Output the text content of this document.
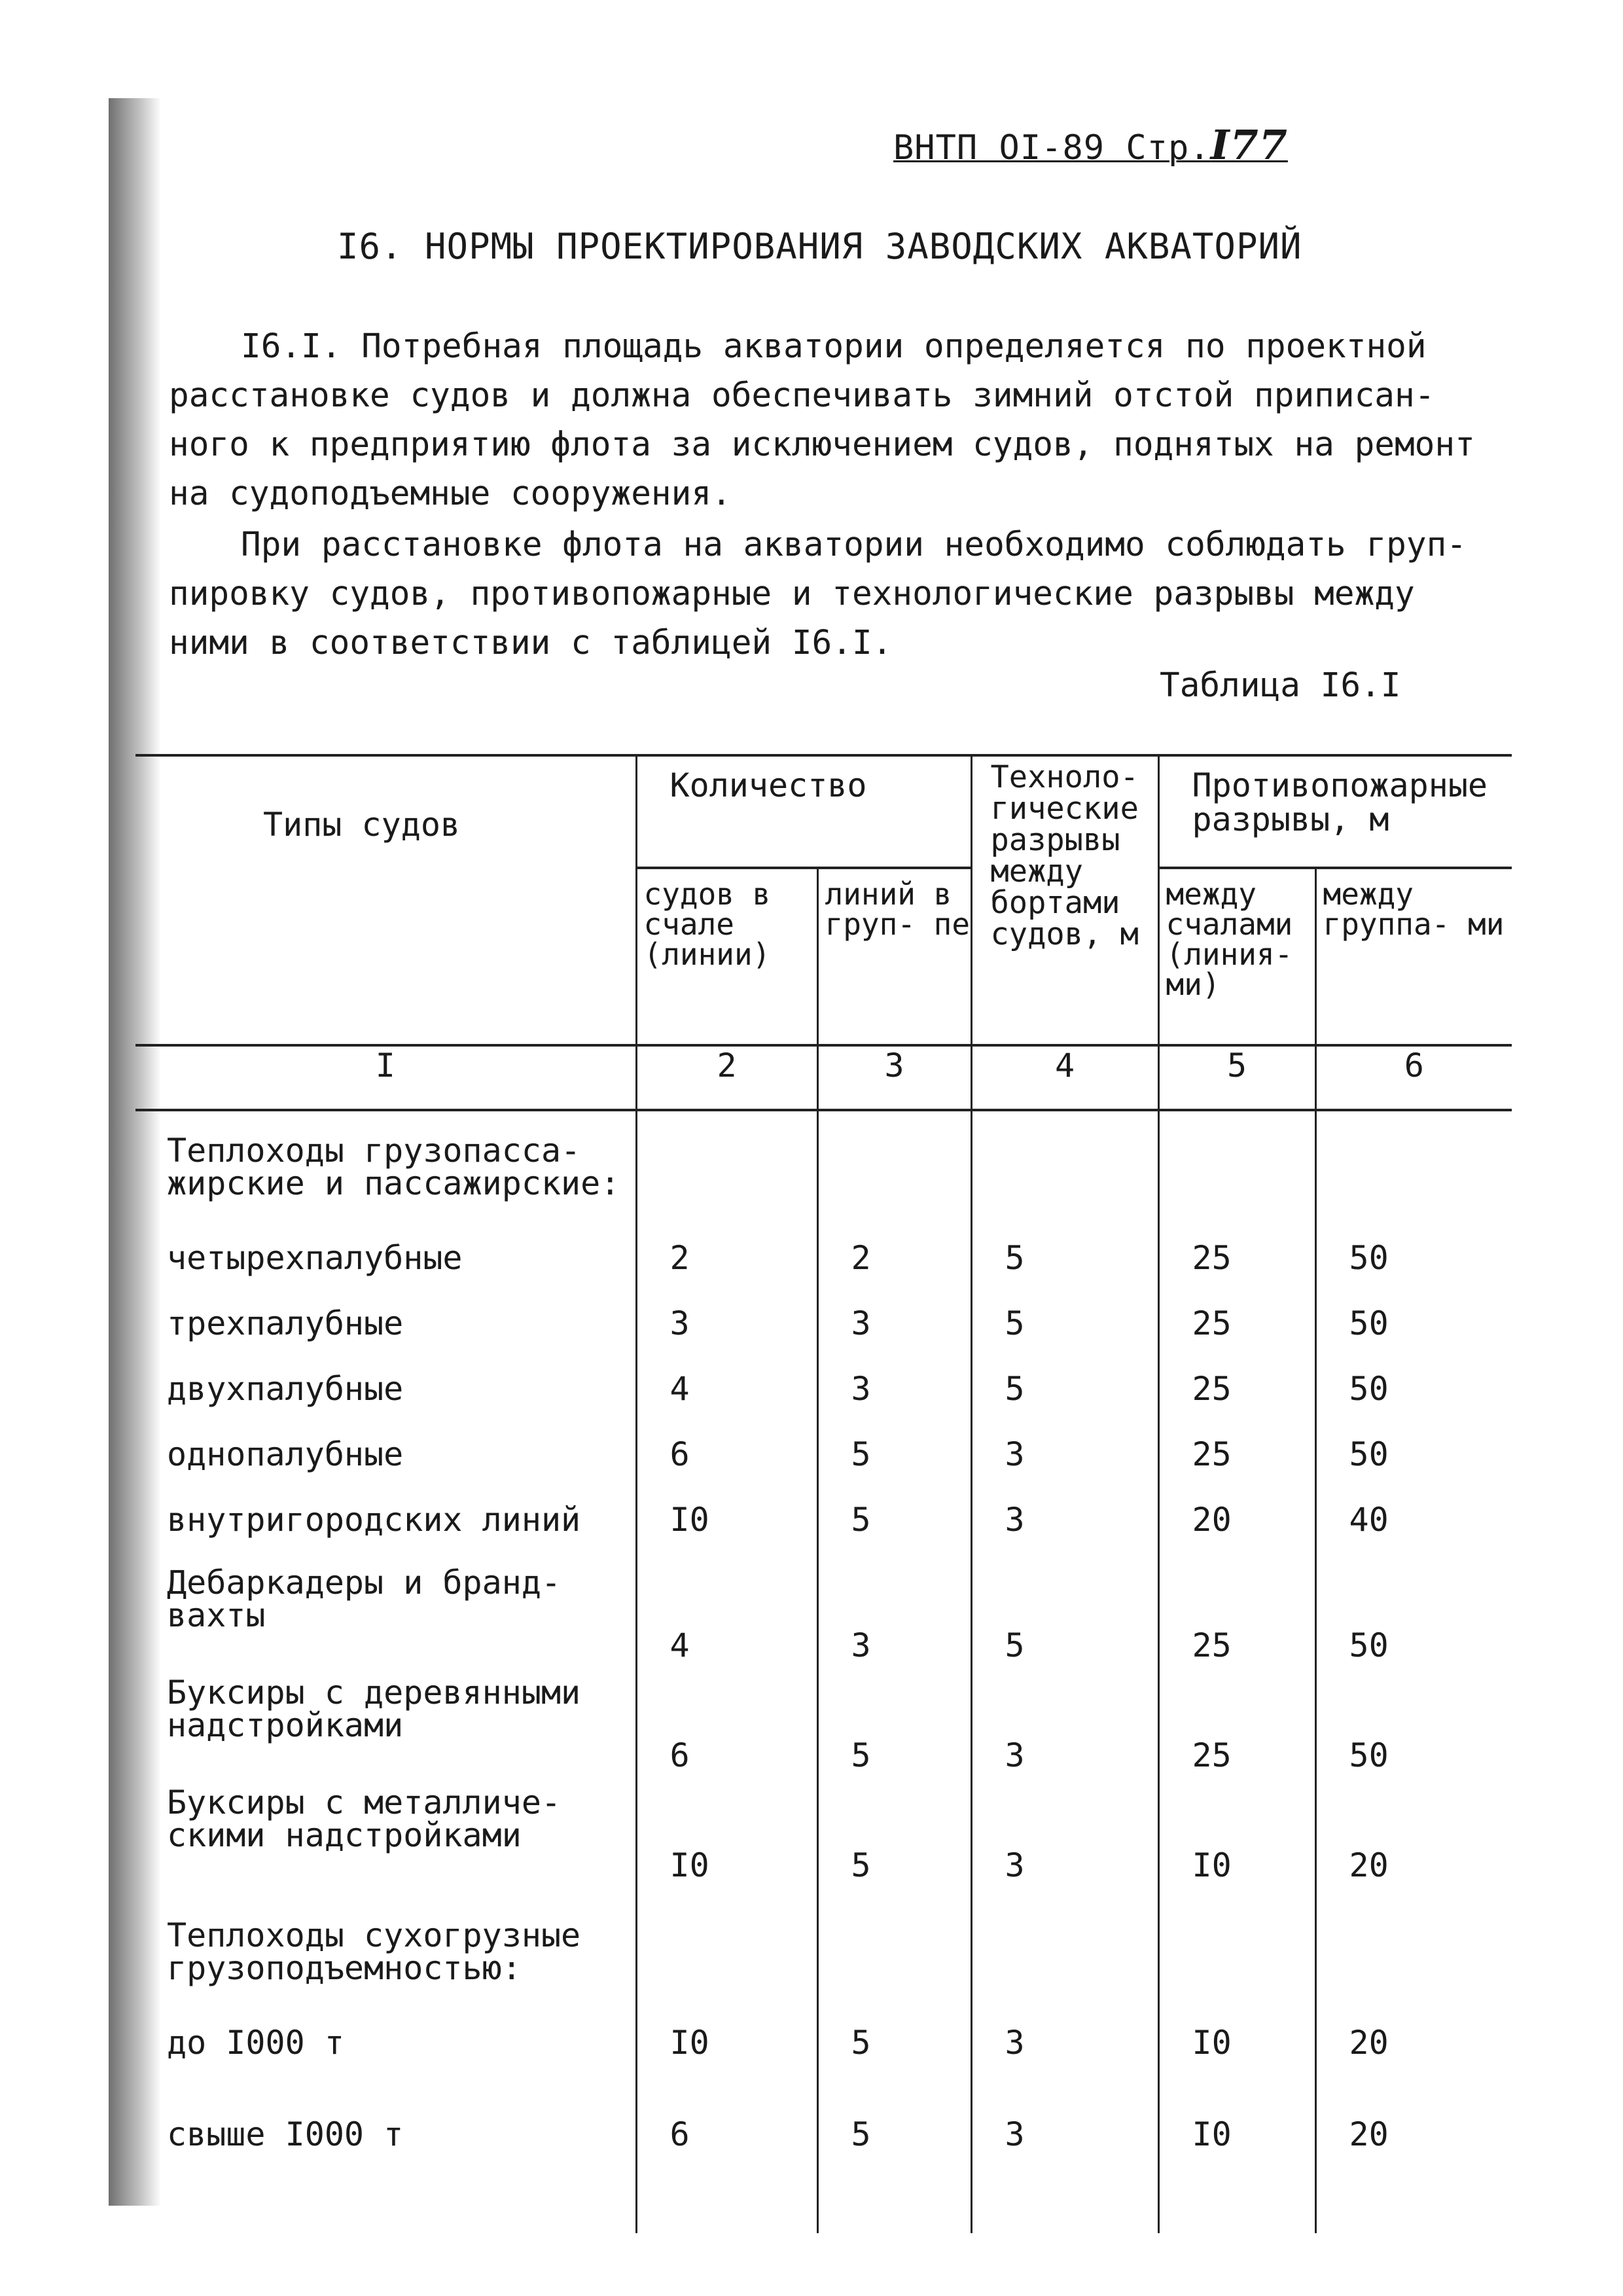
ВНТП ОI-89 Стр.I77
I6. НОРМЫ ПРОЕКТИРОВАНИЯ ЗАВОДСКИХ АКВАТОРИЙ
I6.I. Потребная площадь акватории определяется по проектной расстановке судов и должна обеспечивать зимний отстой приписан- ного к предприятию флота за исключением судов, поднятых на ремонт на судоподъемные сооружения.
При расстановке флота на акватории необходимо соблюдать груп- пировку судов, противопожарные и технологические разрывы между ними в соответствии с таблицей I6.I.
Таблица I6.I
Типы судов	Количество		Техноло- гические разрывы между бортами судов, м	Противопожарные разрывы, м	
	судов в счале (линии)	линий в груп- пе		между счалами (линия- ми)	между группа- ми
I	2	3	4	5	6
Теплоходы грузопасса- жирские и пассажирские:					
четырехпалубные	2	2	5	25	50
трехпалубные	3	3	5	25	50
двухпалубные	4	3	5	25	50
однопалубные	6	5	3	25	50
внутригородских линий	I0	5	3	20	40
Дебаркадеры и бранд- вахты	4	3	5	25	50
Буксиры с деревянными надстройками	6	5	3	25	50
Буксиры с металличе- скими надстройками	I0	5	3	I0	20
Теплоходы сухогрузные грузоподъемностью:					
до I000 т	I0	5	3	I0	20
свыше I000 т	6	5	3	I0	20
